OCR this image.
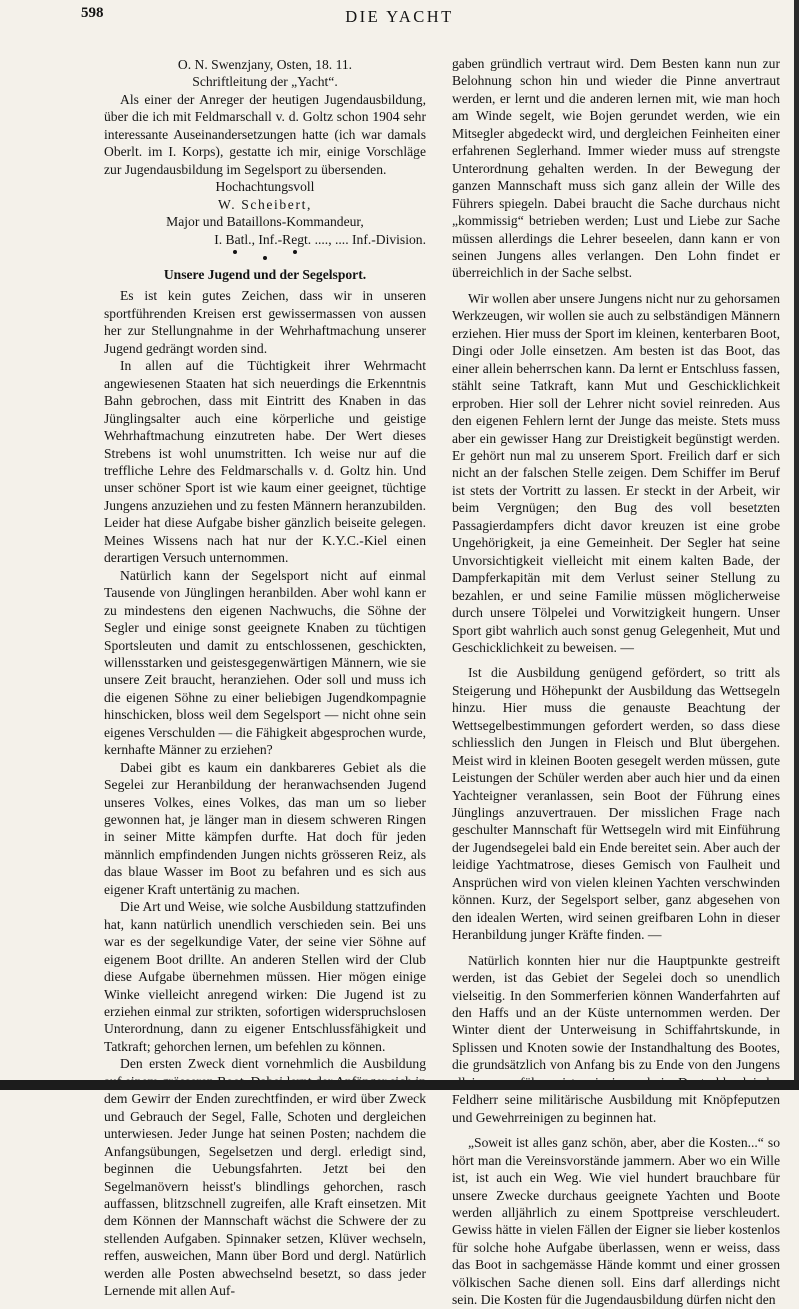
598	DIE YACHT

O. N. Swenzjany, Osten, 18. 11.

Schriftleitung der „Yacht“.

Als einer der Anreger der heutigen Jugendausbildung, über die ich mit Feldmarschall v. d. Goltz schon 1904 sehr interessante Auseinandersetzungen hatte (ich war damals Oberlt. im I. Korps), gestatte ich mir, einige Vorschläge zur Jugendausbildung im Segelsport zu übersenden.

Hochachtungsvoll

W. Scheibert,

Major und Bataillons-Kommandeur,

I. Batl., Inf.-Regt. ...., .... Inf.-Division.

Unsere Jugend und der Segelsport.

Es ist kein gutes Zeichen, dass wir in unseren sportführenden Kreisen erst gewissermassen von aussen her zur Stellungnahme in der Wehrhaftmachung unserer Jugend gedrängt worden sind.

In allen auf die Tüchtigkeit ihrer Wehrmacht angewiesenen Staaten hat sich neuerdings die Erkenntnis Bahn gebrochen, dass mit Eintritt des Knaben in das Jünglingsalter auch eine körperliche und geistige Wehrhaftmachung einzutreten habe. Der Wert dieses Strebens ist wohl unumstritten. Ich weise nur auf die treffliche Lehre des Feldmarschalls v. d. Goltz hin. Und unser schöner Sport ist wie kaum einer geeignet, tüchtige Jungens anzuziehen und zu festen Männern heranzubilden. Leider hat diese Aufgabe bisher gänzlich beiseite gelegen. Meines Wissens nach hat nur der K.Y.C.-Kiel einen derartigen Versuch unternommen.

Natürlich kann der Segelsport nicht auf einmal Tausende von Jünglingen heranbilden. Aber wohl kann er zu mindestens den eigenen Nachwuchs, die Söhne der Segler und einige sonst geeignete Knaben zu tüchtigen Sportsleuten und damit zu entschlossenen, geschickten, willensstarken und geistesgegenwärtigen Männern, wie sie unsere Zeit braucht, heranziehen. Oder soll und muss ich die eigenen Söhne zu einer beliebigen Jugendkompagnie hinschicken, bloss weil dem Segelsport — nicht ohne sein eigenes Verschulden — die Fähigkeit abgesprochen wurde, kernhafte Männer zu erziehen?

Dabei gibt es kaum ein dankbareres Gebiet als die Segelei zur Heranbildung der heranwachsenden Jugend unseres Volkes, eines Volkes, das man um so lieber gewonnen hat, je länger man in diesem schweren Ringen in seiner Mitte kämpfen durfte. Hat doch für jeden männlich empfindenden Jungen nichts grösseren Reiz, als das blaue Wasser im Boot zu befahren und es sich aus eigener Kraft untertänig zu machen.

Die Art und Weise, wie solche Ausbildung stattzufinden hat, kann natürlich unendlich verschieden sein. Bei uns war es der segelkundige Vater, der seine vier Söhne auf eigenem Boot drillte. An anderen Stellen wird der Club diese Aufgabe übernehmen müssen. Hier mögen einige Winke vielleicht anregend wirken: Die Jugend ist zu erziehen einmal zur strikten, sofortigen widerspruchslosen Unterordnung, dann zu eigener Entschlussfähigkeit und Tatkraft; gehorchen lernen, um befehlen zu können.

Den ersten Zweck dient vornehmlich die Ausbildung dem Gewirr der Enden zurechtfinden, er wird über Zweck und Gebrauch der Segel, Falle, Schoten und dergleichen unterwiesen. Jeder Junge hat seinen Posten; nachdem die Anfangsübungen, Segelsetzen und dergl. erledigt sind, beginnen die Uebungsfahrten. Jetzt bei den Segelmanövern heisst's blindlings gehorchen, rasch auffassen, blitzschnell zugreifen, alle Kraft einsetzen. Mit dem Können der Mannschaft wächst die Schwere der zu stellenden Aufgaben. Spinnaker setzen, Klüver wechseln, reffen, ausweichen, Mann über Bord und dergl. Natürlich werden alle Posten abwechselnd besetzt, so dass jeder Lernende mit allen Auf-

gaben gründlich vertraut wird. Dem Besten kann nun zur Belohnung schon hin und wieder die Pinne anvertraut werden, er lernt und die anderen lernen mit, wie man hoch am Winde segelt, wie Bojen gerundet werden, wie ein Mitsegler abgedeckt wird, und dergleichen Feinheiten einer erfahrenen Seglerhand. Immer wieder muss auf strengste Unterordnung gehalten werden. In der Bewegung der ganzen Mannschaft muss sich ganz allein der Wille des Führers spiegeln. Dabei braucht die Sache durchaus nicht „kommissig“ betrieben werden; Lust und Liebe zur Sache müssen allerdings die Lehrer beseelen, dann kann er von seinen Jungens alles verlangen. Den Lohn findet er überreichlich in der Sache selbst.

Wir wollen aber unsere Jungens nicht nur zu gehorsamen Werkzeugen, wir wollen sie auch zu selbständigen Männern erziehen. Hier muss der Sport im kleinen, kenterbaren Boot, Dingi oder Jolle einsetzen. Am besten ist das Boot, das einer allein beherrschen kann. Da lernt er Entschluss fassen, stählt seine Tatkraft, kann Mut und Geschicklichkeit erproben. Hier soll der Lehrer nicht soviel reinreden. Aus den eigenen Fehlern lernt der Junge das meiste. Stets muss aber ein gewisser Hang zur Dreistigkeit begünstigt werden. Er gehört nun mal zu unserem Sport. Freilich darf er sich nicht an der falschen Stelle zeigen. Dem Schiffer im Beruf ist stets der Vortritt zu lassen. Er steckt in der Arbeit, wir beim Vergnügen; den Bug des voll besetzten Passagierdampfers dicht davor kreuzen ist eine grobe Ungehörigkeit, ja eine Gemeinheit. Der Segler hat seine Unvorsichtigkeit vielleicht mit einem kalten Bade, der Dampferkapitän mit dem Verlust seiner Stellung zu bezahlen, er und seine Familie müssen möglicherweise durch unsere Tölpelei und Vorwitzigkeit hungern. Unser Sport gibt wahrlich auch sonst genug Gelegenheit, Mut und Geschicklichkeit zu beweisen. —

Ist die Ausbildung genügend gefördert, so tritt als Steigerung und Höhepunkt der Ausbildung das Wettsegeln hinzu. Hier muss die genauste Beachtung der Wettsegelbestimmungen gefordert werden, so dass diese schliesslich den Jungen in Fleisch und Blut übergehen. Meist wird in kleinen Booten gesegelt werden müssen, gute Leistungen der Schüler werden aber auch hier und da einen Yachteigner veranlassen, sein Boot der Führung eines Jünglings anzuvertrauen. Der misslichen Frage nach geschulter Mannschaft für Wettsegeln wird mit Einführung der Jugendsegelei bald ein Ende bereitet sein. Aber auch der leidige Yachtmatrose, dieses Gemisch von Faulheit und Ansprüchen wird von vielen kleinen Yachten verschwinden können. Kurz, der Segelsport selber, ganz abgesehen von den idealen Werten, wird seinen greifbaren Lohn in dieser Heranbildung junger Kräfte finden. —

Natürlich konnten hier nur die Hauptpunkte gestreift werden, ist das Gebiet der Segelei doch so unendlich vielseitig. In den Sommerferien können Wanderfahrten auf den Haffs und an der Küste unternommen werden. Der Winter dient der Unterweisung in Schiffahrtskunde, in Splissen und Knoten sowie der Instandhaltung des Bootes, die grundsätzlich von Anfang bis zu Ende von den Jungens Feldherr seine militärische Ausbildung mit Knöpfeputzen und Gewehrreinigen zu beginnen hat.

„Soweit ist alles ganz schön, aber, aber die Kosten...“ so hört man die Vereinsvorstände jammern. Aber wo ein Wille ist, ist auch ein Weg. Wie viel hundert brauchbare für unsere Zwecke durchaus geeignete Yachten und Boote werden alljährlich zu einem Spottpreise verschleudert. Gewiss hätte in vielen Fällen der Eigner sie lieber kostenlos für solche hohe Aufgabe überlassen, wenn er weiss, dass das Boot in sachgemässe Hände kommt und einer grossen völkischen Sache dienen soll. Eins darf allerdings nicht sein. Die Kosten für die Jugendausbildung dürfen nicht den
